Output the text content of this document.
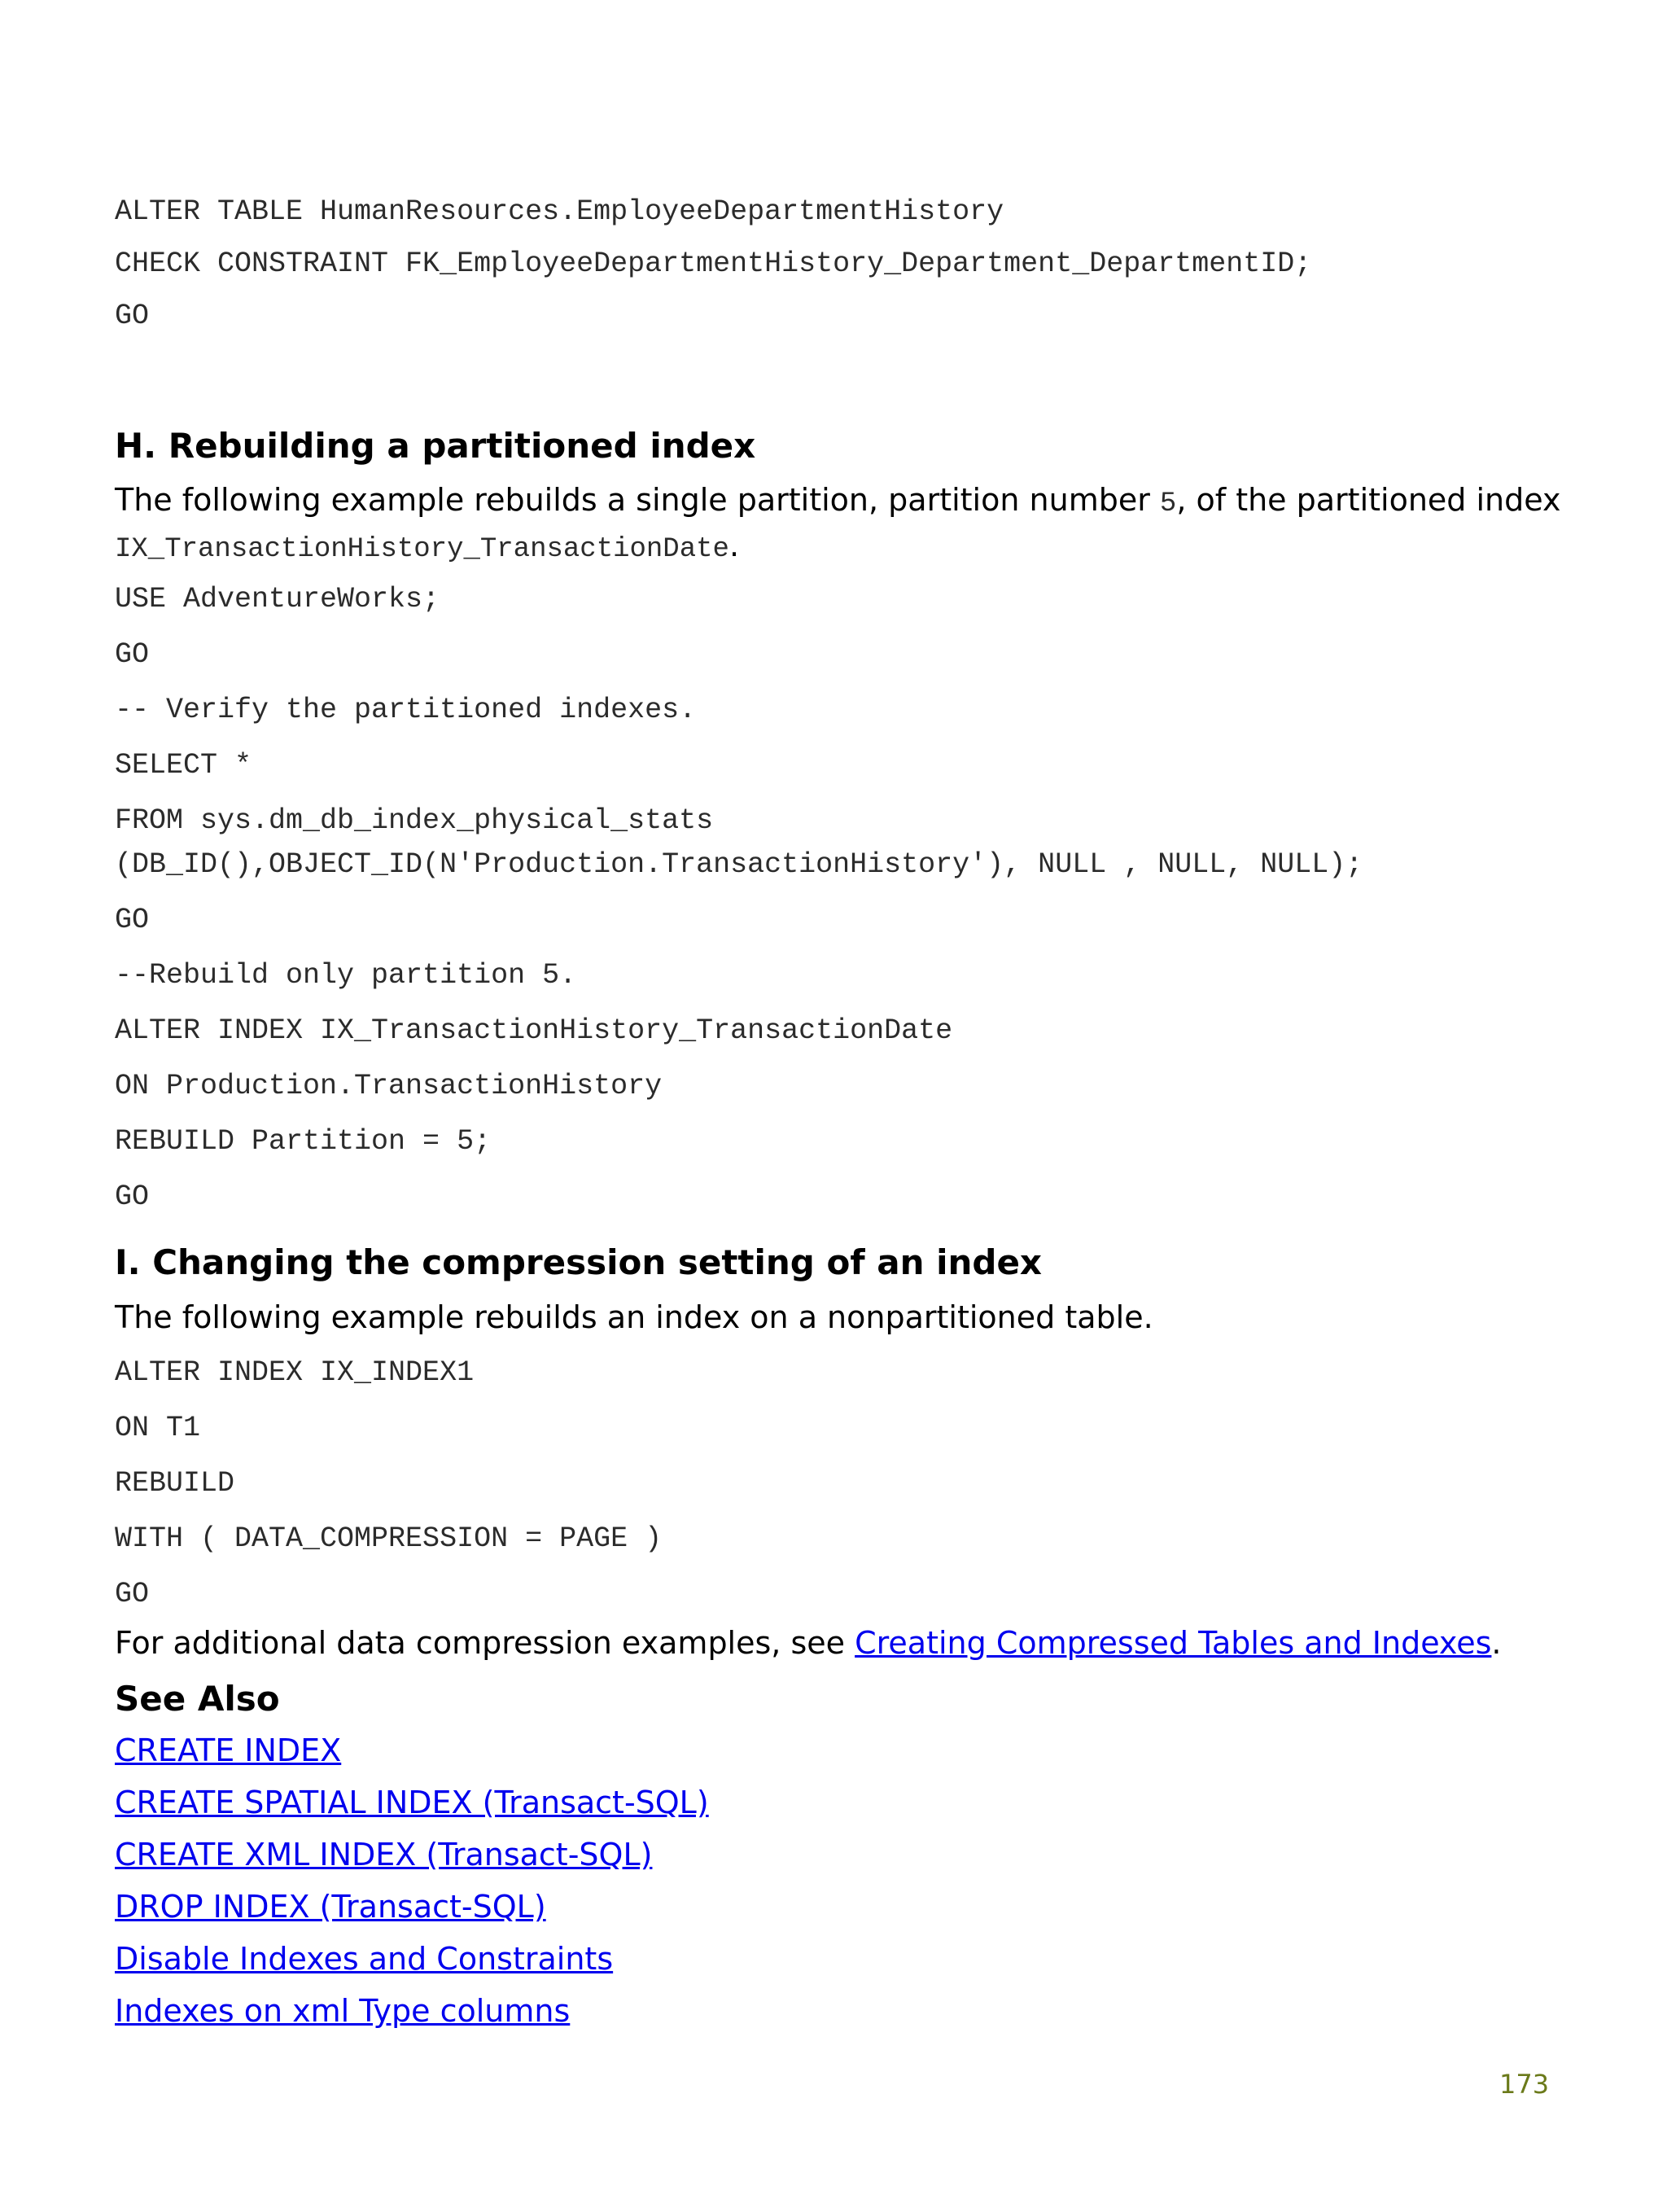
ALTER TABLE HumanResources.EmployeeDepartmentHistory
CHECK CONSTRAINT FK_EmployeeDepartmentHistory_Department_DepartmentID;
GO
H. Rebuilding a partitioned index
The following example rebuilds a single partition, partition number 5, of the partitioned index
IX_TransactionHistory_TransactionDate.
USE AdventureWorks;
GO
-- Verify the partitioned indexes.
SELECT *
FROM sys.dm_db_index_physical_stats
(DB_ID(),OBJECT_ID(N'Production.TransactionHistory'), NULL , NULL, NULL);
GO
--Rebuild only partition 5.
ALTER INDEX IX_TransactionHistory_TransactionDate
ON Production.TransactionHistory
REBUILD Partition = 5;
GO
I. Changing the compression setting of an index
The following example rebuilds an index on a nonpartitioned table.
ALTER INDEX IX_INDEX1
ON T1
REBUILD
WITH ( DATA_COMPRESSION = PAGE )
GO
For additional data compression examples, see Creating Compressed Tables and Indexes.
See Also
CREATE INDEX
CREATE SPATIAL INDEX (Transact-SQL)
CREATE XML INDEX (Transact-SQL)
DROP INDEX (Transact-SQL)
Disable Indexes and Constraints
Indexes on xml Type columns
173
